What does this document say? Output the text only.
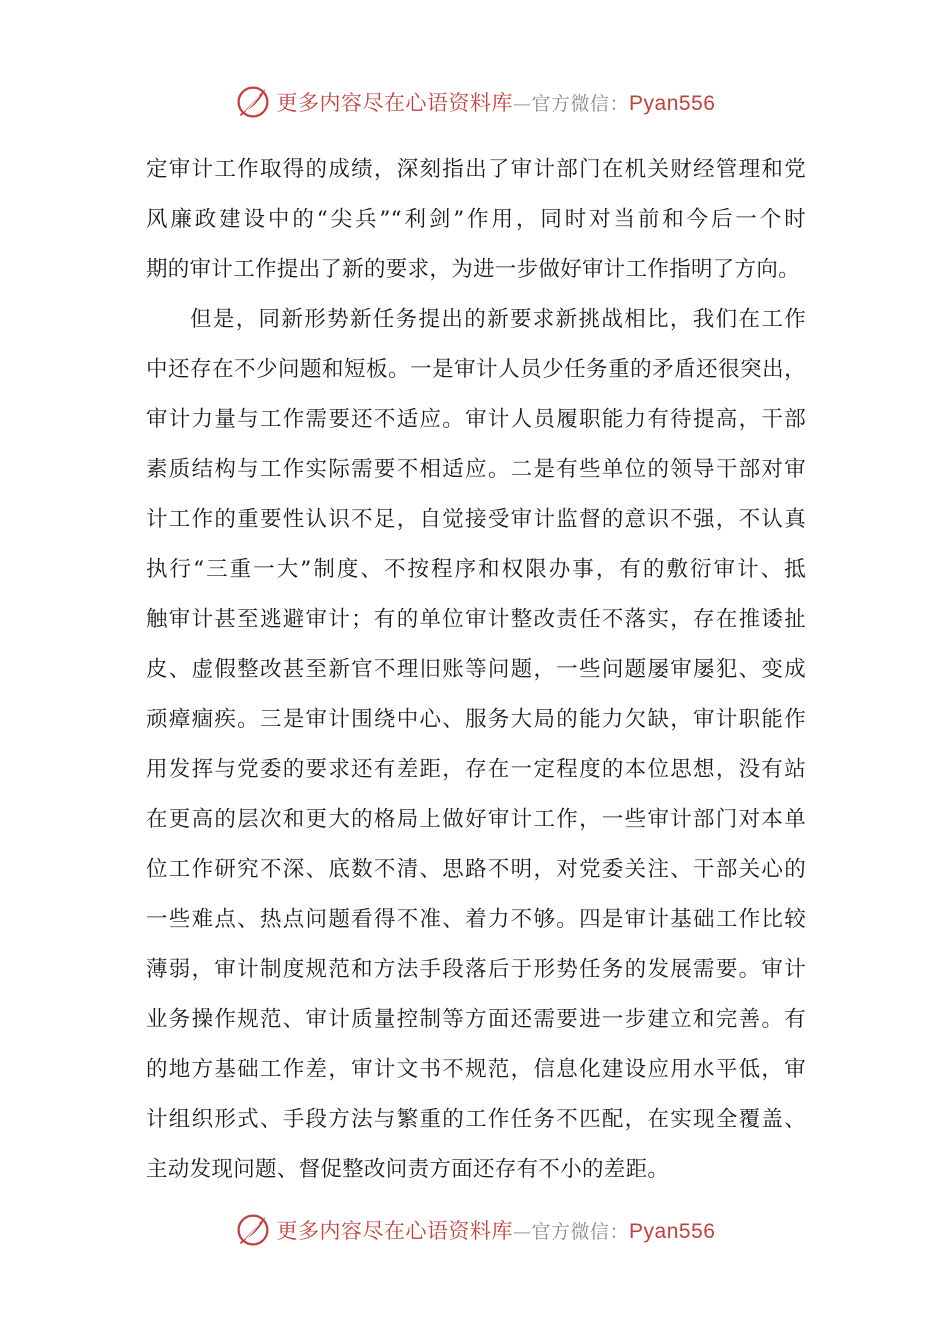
更多内容尽在心语资料库—官方微信：Pyan556
定审计工作取得的成绩，深刻指出了审计部门在机关财经管理和党
风廉政建设中的“尖兵”“利剑”作用，同时对当前和今后一个时
期的审计工作提出了新的要求，为进一步做好审计工作指明了方向。
但是，同新形势新任务提出的新要求新挑战相比，我们在工作
中还存在不少问题和短板。一是审计人员少任务重的矛盾还很突出，
审计力量与工作需要还不适应。审计人员履职能力有待提高，干部
素质结构与工作实际需要不相适应。二是有些单位的领导干部对审
计工作的重要性认识不足，自觉接受审计监督的意识不强，不认真
执行“三重一大”制度、不按程序和权限办事，有的敷衍审计、抵
触审计甚至逃避审计；有的单位审计整改责任不落实，存在推诿扯
皮、虚假整改甚至新官不理旧账等问题，一些问题屡审屡犯、变成
顽瘴痼疾。三是审计围绕中心、服务大局的能力欠缺，审计职能作
用发挥与党委的要求还有差距，存在一定程度的本位思想，没有站
在更高的层次和更大的格局上做好审计工作，一些审计部门对本单
位工作研究不深、底数不清、思路不明，对党委关注、干部关心的
一些难点、热点问题看得不准、着力不够。四是审计基础工作比较
薄弱，审计制度规范和方法手段落后于形势任务的发展需要。审计
业务操作规范、审计质量控制等方面还需要进一步建立和完善。有
的地方基础工作差，审计文书不规范，信息化建设应用水平低，审
计组织形式、手段方法与繁重的工作任务不匹配，在实现全覆盖、
主动发现问题、督促整改问责方面还存有不小的差距。
更多内容尽在心语资料库—官方微信：Pyan556
